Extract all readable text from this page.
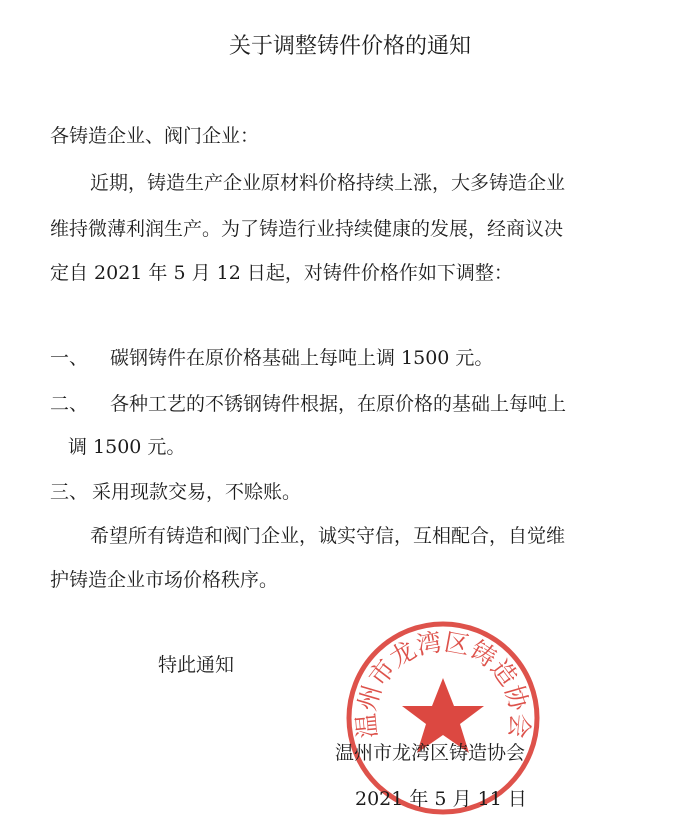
关于调整铸件价格的通知
各铸造企业、阀门企业：
近期，铸造生产企业原材料价格持续上涨，大多铸造企业
维持微薄利润生产。为了铸造行业持续健康的发展，经商议决
定自 2021 年 5 月 12 日起，对铸件价格作如下调整：
一、 碳钢铸件在原价格基础上每吨上调 1500 元。
二、 各种工艺的不锈钢铸件根据，在原价格的基础上每吨上
调 1500 元。
三、 采用现款交易，不赊账。
希望所有铸造和阀门企业，诚实守信，互相配合，自觉维
护铸造企业市场价格秩序。
特此通知
温州市龙湾区铸造协会
温州市龙湾区铸造协会
2021 年 5 月 11 日
